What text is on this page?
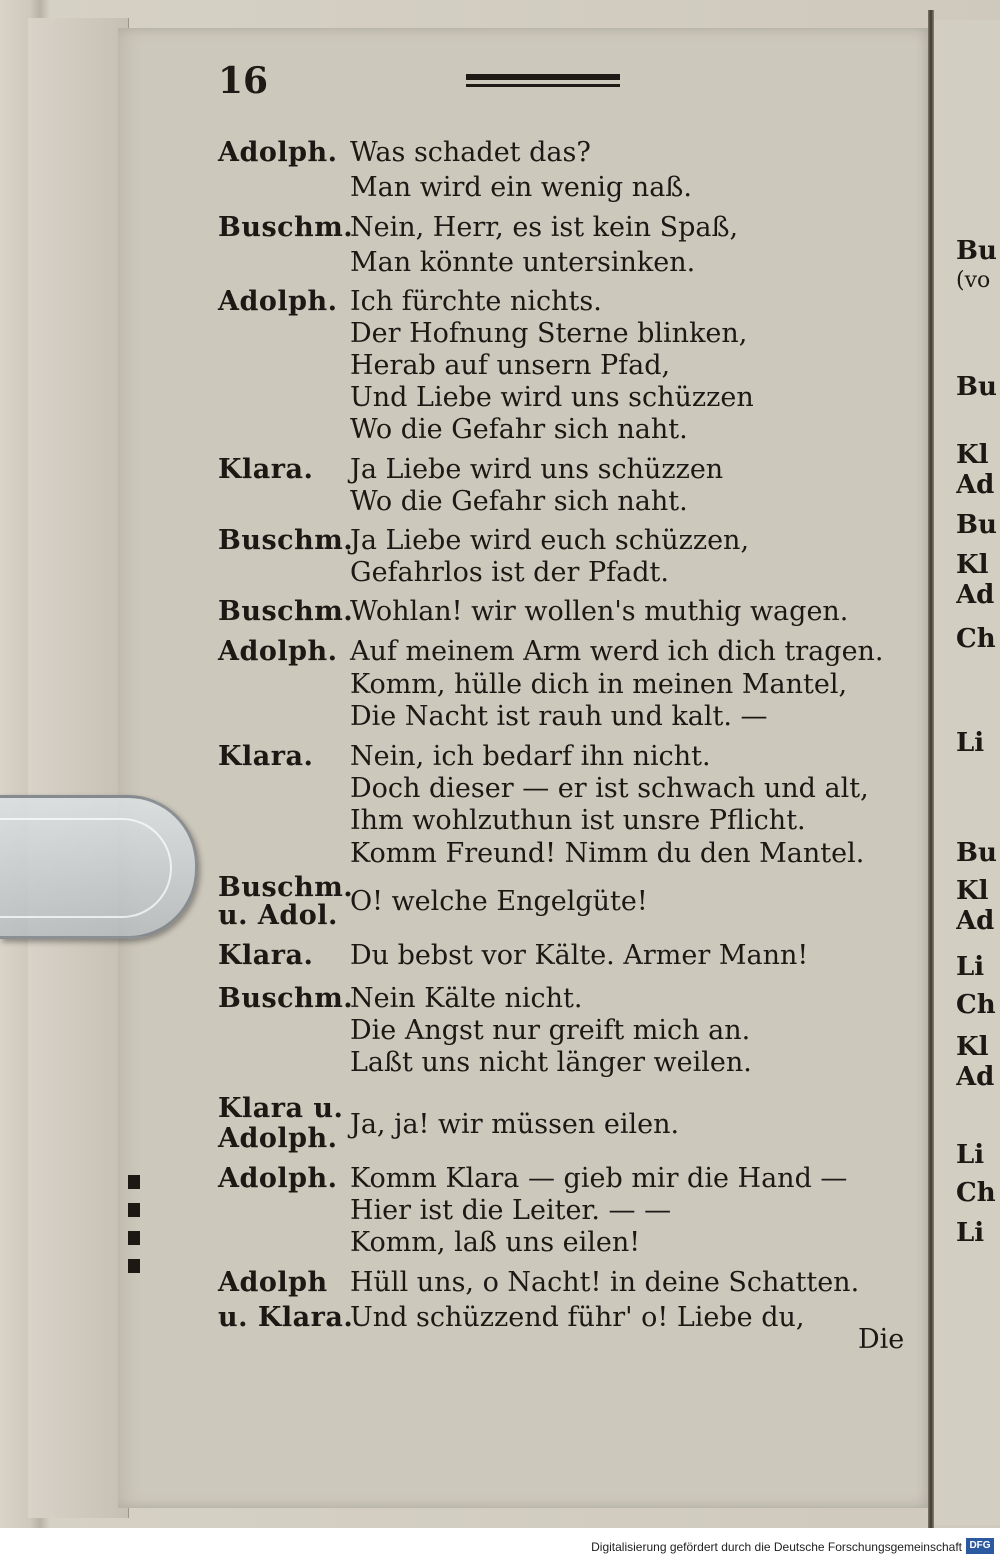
16
Adolph. Was schadet das?
Man wird ein wenig naß.
Buschm.
Nein, Herr, es ist kein Spaß,
Man könnte untersinken.
Adolph. Ich fürchte nichts.
Der Hofnung Sterne blinken,
Herab auf unsern Pfad,
Und Liebe wird uns schüzzen
Wo die Gefahr sich naht.
Klara. Ja Liebe wird uns schüzzen
Wo die Gefahr sich naht.
Buschm.
Ja Liebe wird euch schüzzen,
Gefahrlos ist der Pfadt.
Buschm.
Wohlan! wir wollen's muthig wagen.
Adolph. Auf meinem Arm werd ich dich tragen.
Komm, hülle dich in meinen Mantel,
Die Nacht ist rauh und kalt. —
Klara. Nein, ich bedarf ihn nicht.
Doch dieser — er ist schwach und alt,
Ihm wohlzuthun ist unsre Pflicht.
Komm Freund! Nimm du den Mantel.
Buschm.
u. Adol. O! welche Engelgüte!
Klara. Du bebst vor Kälte. Armer Mann!
Buschm.
Nein Kälte nicht.
Die Angst nur greift mich an.
Laßt uns nicht länger weilen.
Klara u.
Adolph. Ja, ja! wir müssen eilen.
Adolph. Komm Klara — gieb mir die Hand —
Hier ist die Leiter. — —
Komm, laß uns eilen!
Adolph Hüll uns, o Nacht! in deine Schatten.
u. Klara.
Und schüzzend führ' o! Liebe du,
Die
Bu
(vo
Bu
Kl
Ad
Bu
Kl
Ad
Ch
Li
Bu
Kl
Ad
Li
Ch
Kl
Ad
Li
Ch
Li
Digitalisierung gefördert durch die Deutsche Forschungsgemeinschaft DFG
